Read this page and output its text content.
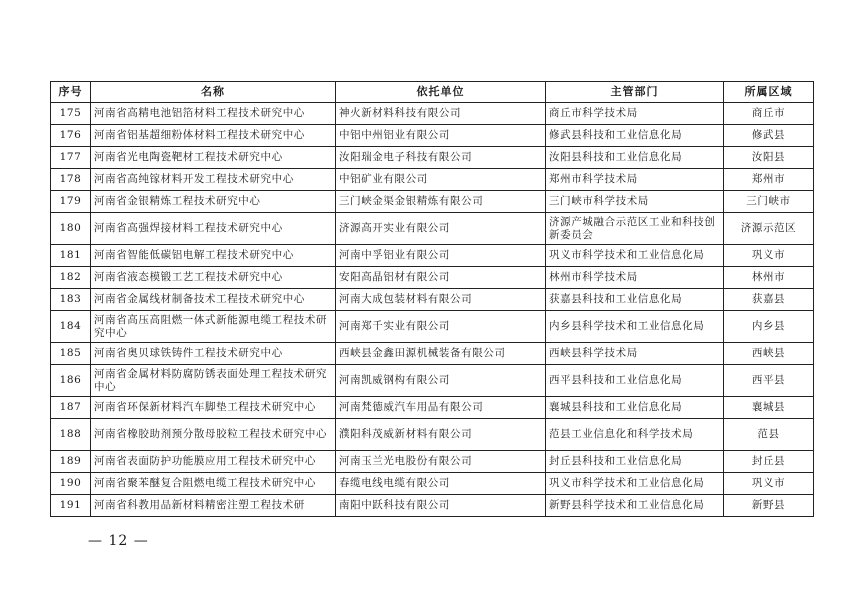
序号	名称	依托单位	主管部门	所属区域
175	河南省高精电池铝箔材料工程技术研究中心	神火新材料科技有限公司	商丘市科学技术局	商丘市
176	河南省铝基超细粉体材料工程技术研究中心	中铝中州铝业有限公司	修武县科技和工业信息化局	修武县
177	河南省光电陶瓷靶材工程技术研究中心	汝阳瑞金电子科技有限公司	汝阳县科技和工业信息化局	汝阳县
178	河南省高纯镓材料开发工程技术研究中心	中铝矿业有限公司	郑州市科学技术局	郑州市
179	河南省金银精炼工程技术研究中心	三门峡金渠金银精炼有限公司	三门峡市科学技术局	三门峡市
180	河南省高强焊接材料工程技术研究中心	济源高开实业有限公司	济源产城融合示范区工业和科技创新委员会	济源示范区
181	河南省智能低碳铝电解工程技术研究中心	河南中孚铝业有限公司	巩义市科学技术和工业信息化局	巩义市
182	河南省液态模锻工艺工程技术研究中心	安阳高晶铝材有限公司	林州市科学技术局	林州市
183	河南省金属线材制备技术工程技术研究中心	河南大成包装材料有限公司	获嘉县科技和工业信息化局	获嘉县
184	河南省高压高阻燃一体式新能源电缆工程技术研究中心	河南郑千实业有限公司	内乡县科学技术和工业信息化局	内乡县
185	河南省奥贝球铁铸件工程技术研究中心	西峡县金鑫田源机械装备有限公司	西峡县科学技术局	西峡县
186	河南省金属材料防腐防锈表面处理工程技术研究中心	河南凯威钢构有限公司	西平县科技和工业信息化局	西平县
187	河南省环保新材料汽车脚垫工程技术研究中心	河南梵德威汽车用品有限公司	襄城县科技和工业信息化局	襄城县
188	河南省橡胶助剂预分散母胶粒工程技术研究中心	濮阳科茂威新材料有限公司	范县工业信息化和科学技术局	范县
189	河南省表面防护功能膜应用工程技术研究中心	河南玉兰光电股份有限公司	封丘县科技和工业信息化局	封丘县
190	河南省聚苯醚复合阻燃电缆工程技术研究中心	春缆电线电缆有限公司	巩义市科学技术和工业信息化局	巩义市
191	河南省科教用品新材料精密注塑工程技术研	南阳中跃科技有限公司	新野县科学技术和工业信息化局	新野县
— 12 —
